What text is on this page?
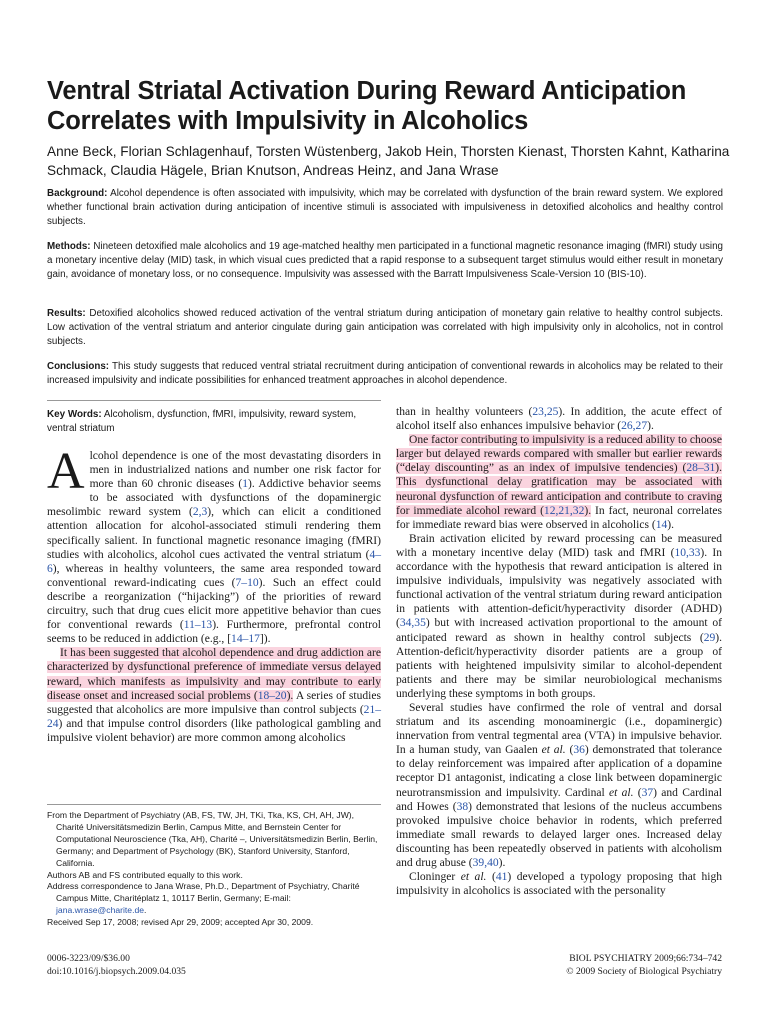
Ventral Striatal Activation During Reward Anticipation Correlates with Impulsivity in Alcoholics
Anne Beck, Florian Schlagenhauf, Torsten Wüstenberg, Jakob Hein, Thorsten Kienast, Thorsten Kahnt, Katharina Schmack, Claudia Hägele, Brian Knutson, Andreas Heinz, and Jana Wrase
Background: Alcohol dependence is often associated with impulsivity, which may be correlated with dysfunction of the brain reward system. We explored whether functional brain activation during anticipation of incentive stimuli is associated with impulsiveness in detoxified alcoholics and healthy control subjects.
Methods: Nineteen detoxified male alcoholics and 19 age-matched healthy men participated in a functional magnetic resonance imaging (fMRI) study using a monetary incentive delay (MID) task, in which visual cues predicted that a rapid response to a subsequent target stimulus would either result in monetary gain, avoidance of monetary loss, or no consequence. Impulsivity was assessed with the Barratt Impulsiveness Scale-Version 10 (BIS-10).
Results: Detoxified alcoholics showed reduced activation of the ventral striatum during anticipation of monetary gain relative to healthy control subjects. Low activation of the ventral striatum and anterior cingulate during gain anticipation was correlated with high impulsivity only in alcoholics, not in control subjects.
Conclusions: This study suggests that reduced ventral striatal recruitment during anticipation of conventional rewards in alcoholics may be related to their increased impulsivity and indicate possibilities for enhanced treatment approaches in alcohol dependence.
Key Words: Alcoholism, dysfunction, fMRI, impulsivity, reward system, ventral striatum

Alcohol dependence is one of the most devastating disorders in men in industrialized nations and number one risk factor for more than 60 chronic diseases (1). Addictive behavior seems to be associated with dysfunctions of the dopaminergic mesolimbic reward system (2,3), which can elicit a conditioned attention allocation for alcohol-associated stimuli rendering them specifically salient. In functional magnetic resonance imaging (fMRI) studies with alcoholics, alcohol cues activated the ventral striatum (4–6), whereas in healthy volunteers, the same area responded toward conventional reward-indicating cues (7–10). Such an effect could describe a reorganization (“hijacking”) of the priorities of reward circuitry, such that drug cues elicit more appetitive behavior than cues for conventional rewards (11–13). Furthermore, prefrontal control seems to be reduced in addiction (e.g., [14–17]).

It has been suggested that alcohol dependence and drug addiction are characterized by dysfunctional preference of immediate versus delayed reward, which manifests as impulsivity and may contribute to early disease onset and increased social problems (18–20). A series of studies suggested that alcoholics are more impulsive than control subjects (21–24) and that impulse control disorders (like pathological gambling and impulsive violent behavior) are more common among alcoholics

than in healthy volunteers (23,25). In addition, the acute effect of alcohol itself also enhances impulsive behavior (26,27).

One factor contributing to impulsivity is a reduced ability to choose larger but delayed rewards compared with smaller but earlier rewards (“delay discounting” as an index of impulsive tendencies) (28–31). This dysfunctional delay gratification may be associated with neuronal dysfunction of reward anticipation and contribute to craving for immediate alcohol reward (12,21,32). In fact, neuronal correlates for immediate reward bias were observed in alcoholics (14).

Brain activation elicited by reward processing can be measured with a monetary incentive delay (MID) task and fMRI (10,33). In accordance with the hypothesis that reward anticipation is altered in impulsive individuals, impulsivity was negatively associated with functional activation of the ventral striatum during reward anticipation in patients with attention-deficit/hyperactivity disorder (ADHD) (34,35) but with increased activation proportional to the amount of anticipated reward as shown in healthy control subjects (29). Attention-deficit/hyperactivity disorder patients are a group of patients with heightened impulsivity similar to alcohol-dependent patients and there may be similar neurobiological mechanisms underlying these symptoms in both groups.

Several studies have confirmed the role of ventral and dorsal striatum and its ascending monoaminergic (i.e., dopaminergic) innervation from ventral tegmental area (VTA) in impulsive behavior. In a human study, van Gaalen et al. (36) demonstrated that tolerance to delay reinforcement was impaired after application of a dopamine receptor D1 antagonist, indicating a close link between dopaminergic neurotransmission and impulsivity. Cardinal et al. (37) and Cardinal and Howes (38) demonstrated that lesions of the nucleus accumbens provoked impulsive choice behavior in rodents, which preferred immediate small rewards to delayed larger ones. Increased delay discounting has been repeatedly observed in patients with alcoholism and drug abuse (39,40).

Cloninger et al. (41) developed a typology proposing that high impulsivity in alcoholics is associated with the personality

From the Department of Psychiatry (AB, FS, TW, JH, TKi, Tka, KS, CH, AH, JW), Charité Universitätsmedizin Berlin, Campus Mitte, and Bernstein Center for Computational Neuroscience (Tka, AH), Charité –, Universitätsmedizin Berlin, Berlin, Germany; and Department of Psychology (BK), Stanford University, Stanford, California.
Authors AB and FS contributed equally to this work.
Address correspondence to Jana Wrase, Ph.D., Department of Psychiatry, Charité Campus Mitte, Charitéplatz 1, 10117 Berlin, Germany; E-mail: jana.wrase@charite.de.
Received Sep 17, 2008; revised Apr 29, 2009; accepted Apr 30, 2009.
0006-3223/09/$36.00
doi:10.1016/j.biopsych.2009.04.035
BIOL PSYCHIATRY 2009;66:734–742
© 2009 Society of Biological Psychiatry
